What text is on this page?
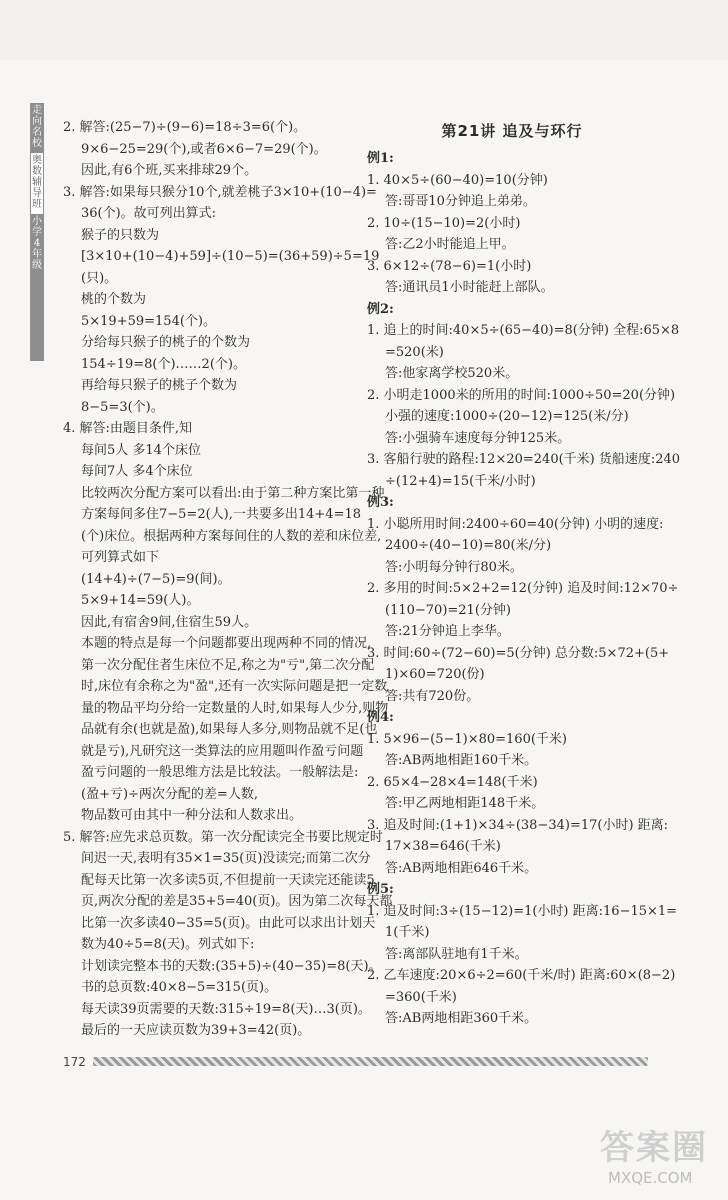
走
向
名
校
奥
数
辅
导
班
小
学
4
年
级
2. 解答:(25−7)÷(9−6)=18÷3=6(个)。
9×6−25=29(个),或者6×6−7=29(个)。
因此,有6个班,买来排球29个。
3. 解答:如果每只猴分10个,就差桃子3×10+(10−4)=
36(个)。故可列出算式:
猴子的只数为
[3×10+(10−4)+59]÷(10−5)=(36+59)÷5=19
(只)。
桃的个数为
5×19+59=154(个)。
分给每只猴子的桃子的个数为
154÷19=8(个)……2(个)。
再给每只猴子的桃子个数为
8−5=3(个)。
4. 解答:由题目条件,知
每间5人 多14个床位
每间7人 多4个床位
比较两次分配方案可以看出:由于第二种方案比第一种
方案每间多住7−5=2(人),一共要多出14+4=18
(个)床位。根据两种方案每间住的人数的差和床位差,
可列算式如下
(14+4)÷(7−5)=9(间)。
5×9+14=59(人)。
因此,有宿舍9间,住宿生59人。
本题的特点是每一个问题都要出现两种不同的情况,
第一次分配住者生床位不足,称之为"亏",第二次分配
时,床位有余称之为"盈",还有一次实际问题是把一定数
量的物品平均分给一定数量的人时,如果每人少分,则物
品就有余(也就是盈),如果每人多分,则物品就不足(也
就是亏),凡研究这一类算法的应用题叫作盈亏问题
盈亏问题的一般思维方法是比较法。一般解法是:
(盈+亏)÷两次分配的差=人数,
物品数可由其中一种分法和人数求出。
5. 解答:应先求总页数。第一次分配读完全书要比规定时
间迟一天,表明有35×1=35(页)没读完;而第二次分
配每天比第一次多读5页,不但提前一天读完还能读5
页,两次分配的差是35+5=40(页)。因为第二次每天都
比第一次多读40−35=5(页)。由此可以求出计划天
数为40÷5=8(天)。列式如下:
计划读完整本书的天数:(35+5)÷(40−35)=8(天)。
书的总页数:40×8−5=315(页)。
每天读39页需要的天数:315÷19=8(天)…3(页)。
最后的一天应读页数为39+3=42(页)。
第21讲 追及与环行
例1:
1. 40×5÷(60−40)=10(分钟)
答:哥哥10分钟追上弟弟。
2. 10÷(15−10)=2(小时)
答:乙2小时能追上甲。
3. 6×12÷(78−6)=1(小时)
答:通讯员1小时能赶上部队。
例2:
1. 追上的时间:40×5÷(65−40)=8(分钟) 全程:65×8
=520(米)
答:他家离学校520米。
2. 小明走1000米的所用的时间:1000÷50=20(分钟)
小强的速度:1000÷(20−12)=125(米/分)
答:小强骑车速度每分钟125米。
3. 客船行驶的路程:12×20=240(千米) 货船速度:240
÷(12+4)=15(千米/小时)
例3:
1. 小聪所用时间:2400÷60=40(分钟) 小明的速度:
2400÷(40−10)=80(米/分)
答:小明每分钟行80米。
2. 多用的时间:5×2+2=12(分钟) 追及时间:12×70÷
(110−70)=21(分钟)
答:21分钟追上李华。
3. 时间:60÷(72−60)=5(分钟) 总分数:5×72+(5+
1)×60=720(份)
答:共有720份。
例4:
1. 5×96−(5−1)×80=160(千米)
答:AB两地相距160千米。
2. 65×4−28×4=148(千米)
答:甲乙两地相距148千米。
3. 追及时间:(1+1)×34÷(38−34)=17(小时) 距离:
17×38=646(千米)
答:AB两地相距646千米。
例5:
1. 追及时间:3÷(15−12)=1(小时) 距离:16−15×1=
1(千米)
答:离部队驻地有1千米。
2. 乙车速度:20×6÷2=60(千米/时) 距离:60×(8−2)
=360(千米)
答:AB两地相距360千米。
172
答案圈
MXQE.COM
